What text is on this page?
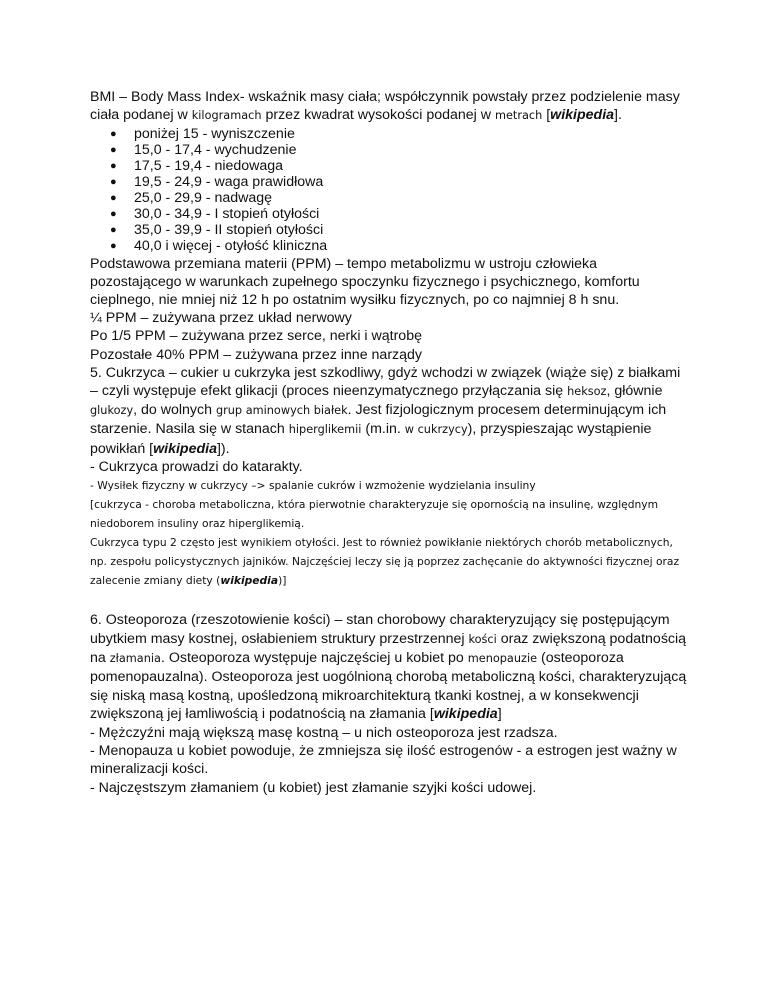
BMI – Body Mass Index- wskaźnik masy ciała; współczynnik powstały przez podzielenie masy ciała podanej w kilogramach przez kwadrat wysokości podanej w metrach [wikipedia].

● poniżej 15 - wyniszczenie
● 15,0 - 17,4 - wychudzenie
● 17,5 - 19,4 - niedowaga
● 19,5 - 24,9 - waga prawidłowa
● 25,0 - 29,9 - nadwagę
● 30,0 - 34,9 - I stopień otyłości
● 35,0 - 39,9 - II stopień otyłości
● 40,0 i więcej - otyłość kliniczna

Podstawowa przemiana materii (PPM) – tempo metabolizmu w ustroju człowieka pozostającego w warunkach zupełnego spoczynku fizycznego i psychicznego, komfortu cieplnego, nie mniej niż 12 h po ostatnim wysiłku fizycznych, po co najmniej 8 h snu.

¼ PPM – zużywana przez układ nerwowy

Po 1/5 PPM – zużywana przez serce, nerki i wątrobę

Pozostałe 40% PPM – zużywana przez inne narządy

5. Cukrzyca – cukier u cukrzyka jest szkodliwy, gdyż wchodzi w związek (wiąże się) z białkami – czyli występuje efekt glikacji (proces nieenzymatycznego przyłączania się heksoz, głównie glukozy, do wolnych grup aminowych białek. Jest fizjologicznym procesem determinującym ich starzenie. Nasila się w stanach hiperglikemii (m.in. w cukrzycy), przyspieszając wystąpienie powikłań [wikipedia]).

- Cukrzyca prowadzi do katarakty.

- Wysiłek fizyczny w cukrzycy –> spalanie cukrów i wzmożenie wydzielania insuliny

[cukrzyca - choroba metaboliczna, która pierwotnie charakteryzuje się opornością na insulinę, względnym niedoborem insuliny oraz hiperglikemią.

Cukrzyca typu 2 często jest wynikiem otyłości. Jest to również powikłanie niektórych chorób metabolicznych, np. zespołu policystycznych jajników. Najczęściej leczy się ją poprzez zachęcanie do aktywności fizycznej oraz zalecenie zmiany diety (wikipedia)]

6. Osteoporoza (rzeszotowienie kości) – stan chorobowy charakteryzujący się postępującym ubytkiem masy kostnej, osłabieniem struktury przestrzennej kości oraz zwiększoną podatnością na złamania. Osteoporoza występuje najczęściej u kobiet po menopauzie (osteoporoza pomenopauzalna). Osteoporoza jest uogólnioną chorobą metaboliczną kości, charakteryzującą się niską masą kostną, upośledzoną mikroarchitekturą tkanki kostnej, a w konsekwencji zwiększoną jej łamliwością i podatnością na złamania [wikipedia]

- Mężczyźni mają większą masę kostną – u nich osteoporoza jest rzadsza.

- Menopauza u kobiet powoduje, że zmniejsza się ilość estrogenów - a estrogen jest ważny w mineralizacji kości.

- Najczęstszym złamaniem (u kobiet) jest złamanie szyjki kości udowej.
